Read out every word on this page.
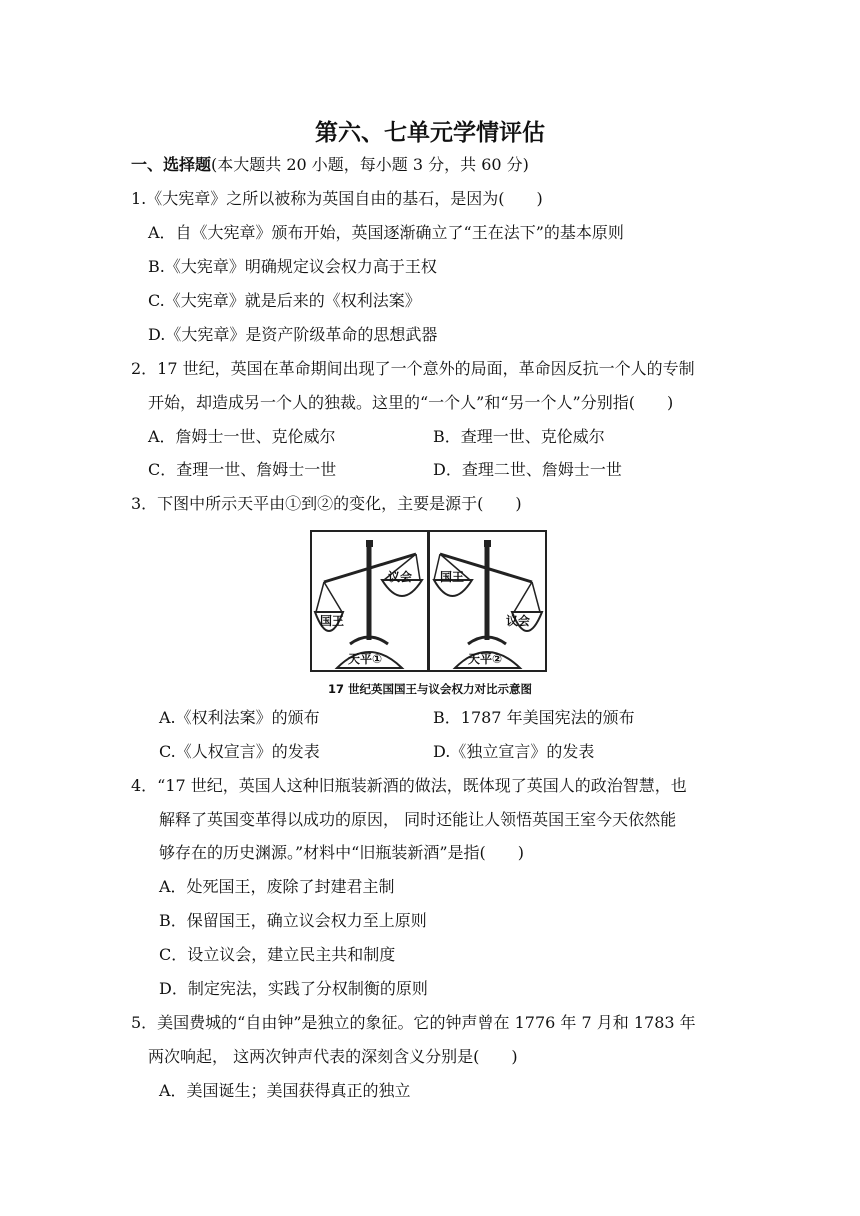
第六、七单元学情评估
一、选择题(本大题共 20 小题，每小题 3 分，共 60 分)
1.《大宪章》之所以被称为英国自由的基石，是因为(　　)
A．自《大宪章》颁布开始，英国逐渐确立了“王在法下”的基本原则
B.《大宪章》明确规定议会权力高于王权
C.《大宪章》就是后来的《权利法案》
D.《大宪章》是资产阶级革命的思想武器
2．17 世纪，英国在革命期间出现了一个意外的局面，革命因反抗一个人的专制
开始，却造成另一个人的独裁。这里的“一个人”和“另一个人”分别指(　　)
A．詹姆士一世、克伦威尔	B．查理一世、克伦威尔
C．查理一世、詹姆士一世	D．查理二世、詹姆士一世
3．下图中所示天平由①到②的变化，主要是源于(　　)
国王
议会
天平①
国王
议会
天平②
17 世纪英国国王与议会权力对比示意图
A.《权利法案》的颁布	B．1787 年美国宪法的颁布
C.《人权宣言》的发表	D.《独立宣言》的发表
4．“17 世纪，英国人这种旧瓶装新酒的做法，既体现了英国人的政治智慧，也
解释了英国变革得以成功的原因， 同时还能让人领悟英国王室今天依然能
够存在的历史渊源。”材料中“旧瓶装新酒”是指(　　)
A．处死国王，废除了封建君主制
B．保留国王，确立议会权力至上原则
C．设立议会，建立民主共和制度
D．制定宪法，实践了分权制衡的原则
5．美国费城的“自由钟”是独立的象征。它的钟声曾在 1776 年 7 月和 1783 年
两次响起， 这两次钟声代表的深刻含义分别是(　　)
A．美国诞生；美国获得真正的独立
